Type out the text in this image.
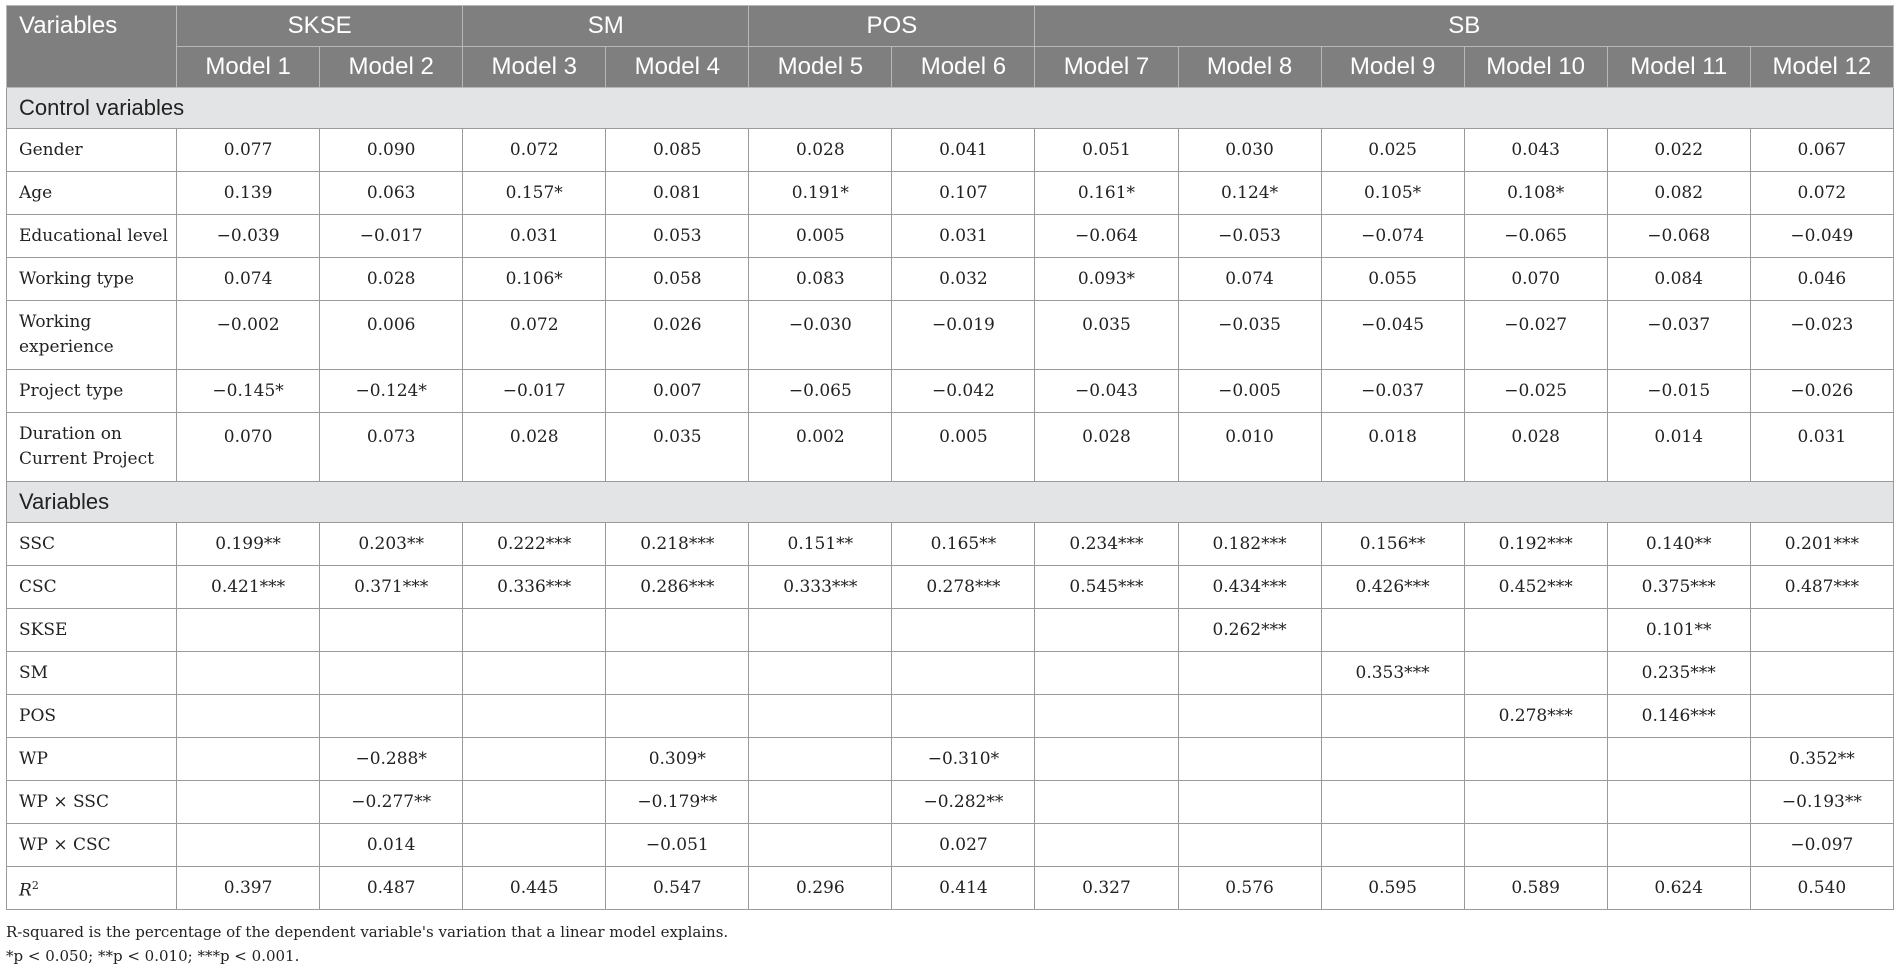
Variables	SKSE		SM		POS		SB					
	Model 1	Model 2	Model 3	Model 4	Model 5	Model 6	Model 7	Model 8	Model 9	Model 10	Model 11	Model 12
Control variables												
Gender	0.077	0.090	0.072	0.085	0.028	0.041	0.051	0.030	0.025	0.043	0.022	0.067
Age	0.139	0.063	0.157*	0.081	0.191*	0.107	0.161*	0.124*	0.105*	0.108*	0.082	0.072
Educational level	−0.039	−0.017	0.031	0.053	0.005	0.031	−0.064	−0.053	−0.074	−0.065	−0.068	−0.049
Working type	0.074	0.028	0.106*	0.058	0.083	0.032	0.093*	0.074	0.055	0.070	0.084	0.046
Working experience	−0.002	0.006	0.072	0.026	−0.030	−0.019	0.035	−0.035	−0.045	−0.027	−0.037	−0.023
Project type	−0.145*	−0.124*	−0.017	0.007	−0.065	−0.042	−0.043	−0.005	−0.037	−0.025	−0.015	−0.026
Duration on Current Project	0.070	0.073	0.028	0.035	0.002	0.005	0.028	0.010	0.018	0.028	0.014	0.031
Variables												
SSC	0.199**	0.203**	0.222***	0.218***	0.151**	0.165**	0.234***	0.182***	0.156**	0.192***	0.140**	0.201***
CSC	0.421***	0.371***	0.336***	0.286***	0.333***	0.278***	0.545***	0.434***	0.426***	0.452***	0.375***	0.487***
SKSE								0.262***			0.101**	
SM									0.353***		0.235***	
POS										0.278***	0.146***	
WP		−0.288*		0.309*		−0.310*						0.352**
WP × SSC		−0.277**		−0.179**		−0.282**						−0.193**
WP × CSC		0.014		−0.051		0.027						−0.097
$R^2$	0.397	0.487	0.445	0.547	0.296	0.414	0.327	0.576	0.595	0.589	0.624	0.540
R-squared is the percentage of the dependent variable's variation that a linear model explains.
*p < 0.050; **p < 0.010; ***p < 0.001.
